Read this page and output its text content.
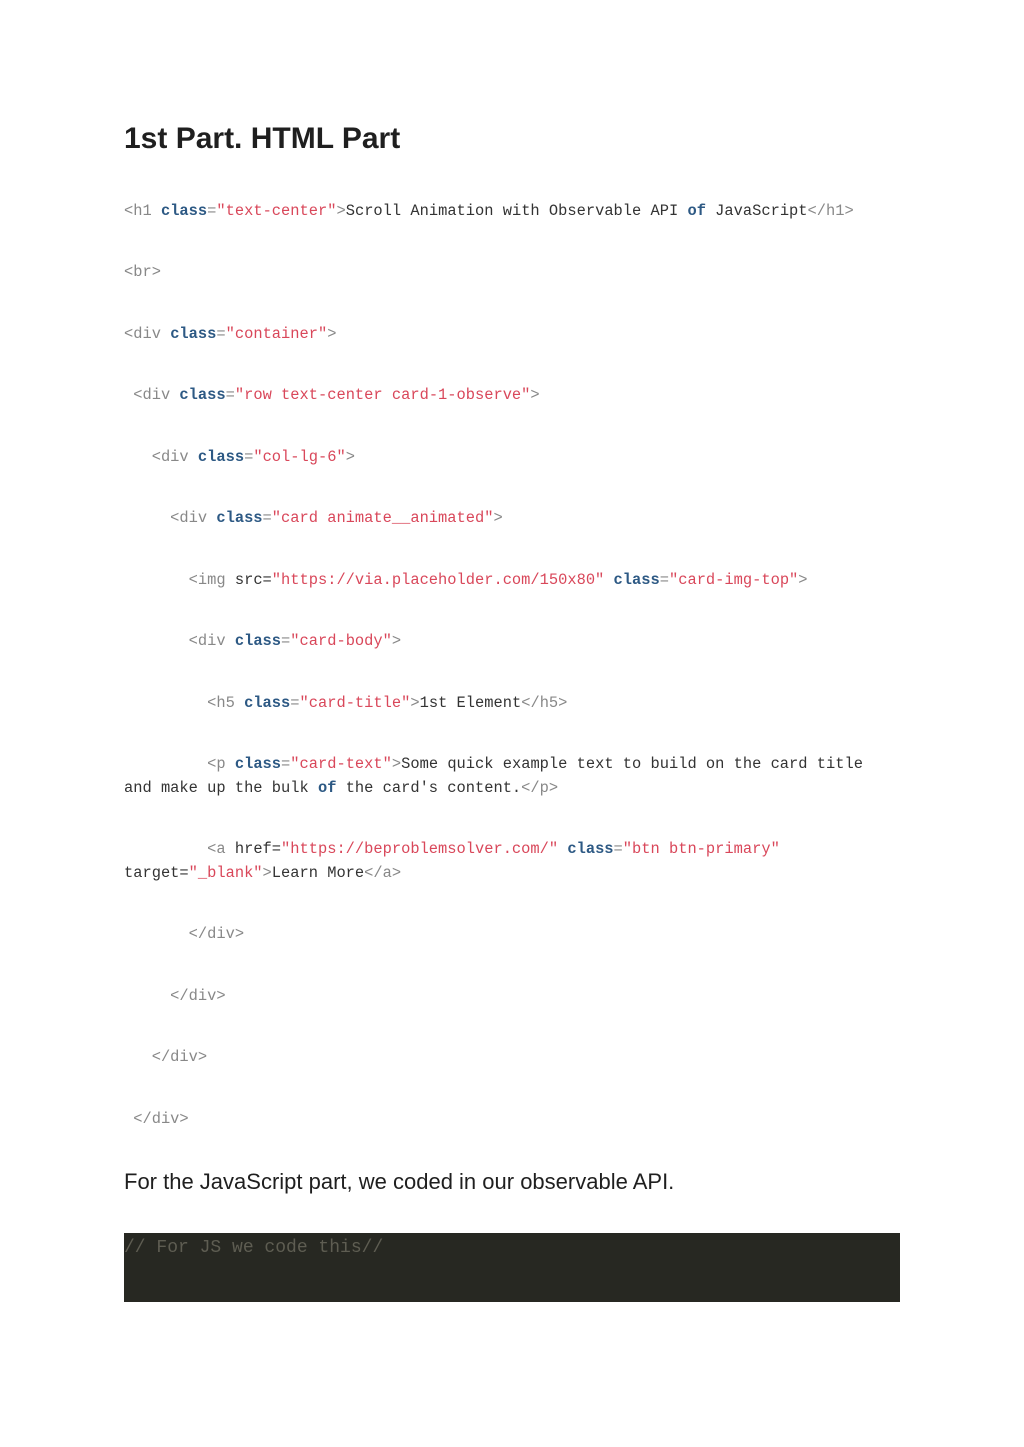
1st Part. HTML Part
<h1 class="text-center">Scroll Animation with Observable API of JavaScript</h1>
<br>
<div class="container">
<div class="row text-center card-1-observe">
<div class="col-lg-6">
<div class="card animate__animated">
<img src="https://via.placeholder.com/150x80" class="card-img-top">
<div class="card-body">
<h5 class="card-title">1st Element</h5>
<p class="card-text">Some quick example text to build on the card title
and make up the bulk of the card's content.</p>
<a href="https://beproblemsolver.com/" class="btn btn-primary"
target="_blank">Learn More</a>
</div>
</div>
</div>
</div>

For the JavaScript part, we coded in our observable API.

// For JS we code this//
